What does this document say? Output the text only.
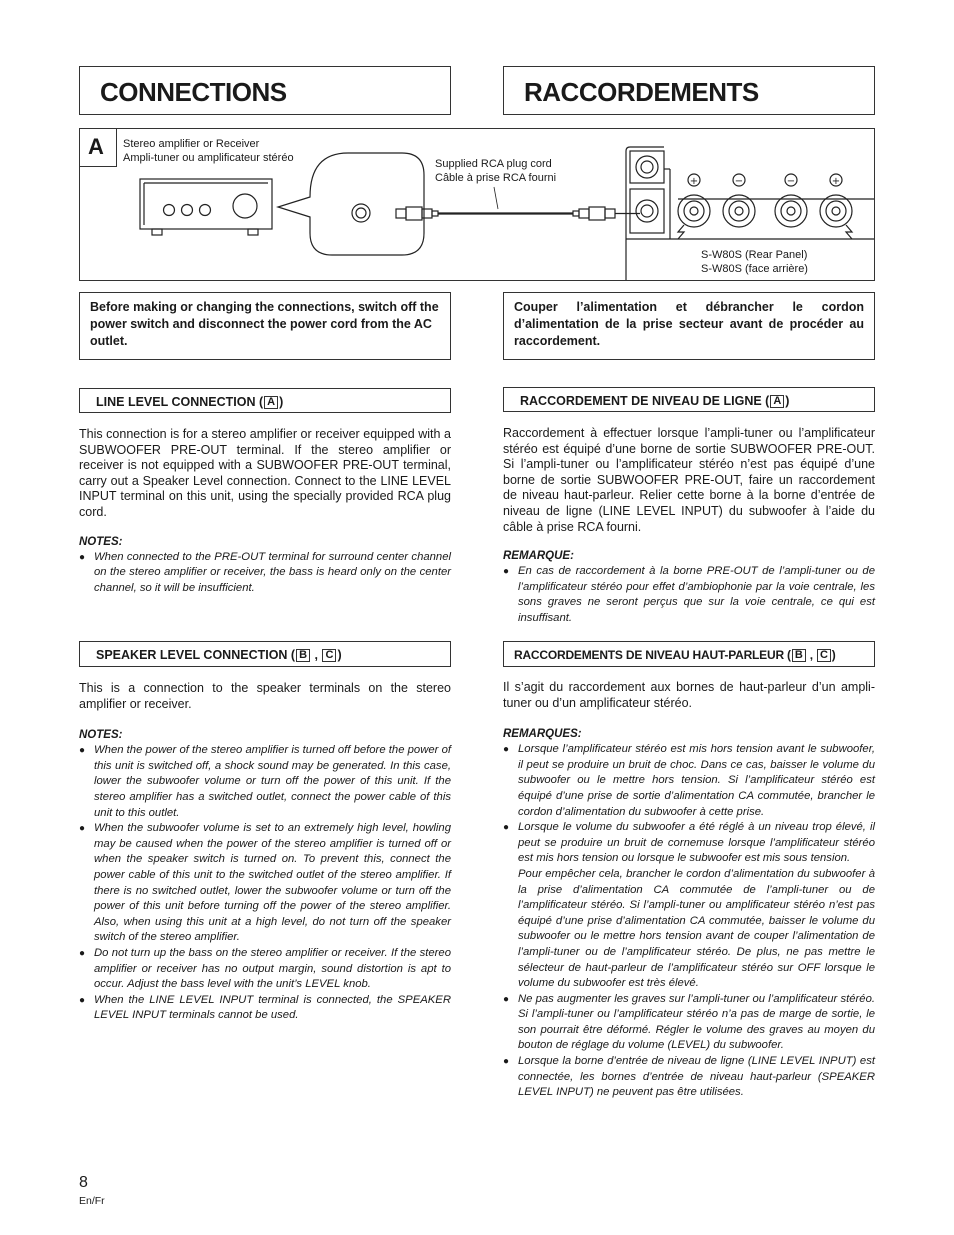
CONNECTIONS	RACCORDEMENTS
A Stereo amplifier or Receiver
Ampli-tuner ou amplificateur stéréo	Supplied RCA plug cord
Câble à prise RCA fourni
S-W80S (Rear Panel)
S-W80S (face arrière)
+	−	−	+
Before making or changing the connections, switch off the power switch and disconnect the power cord from the AC outlet.
Couper l’alimentation et débrancher le cordon d’alimentation de la prise secteur avant de procéder au raccordement.
LINE LEVEL CONNECTION ( A )	RACCORDEMENT DE NIVEAU DE LIGNE ( A )
This connection is for a stereo amplifier or receiver equipped with a SUBWOOFER PRE-OUT terminal. If the stereo amplifier or receiver is not equipped with a SUBWOOFER PRE-OUT terminal, carry out a Speaker Level connection. Connect to the LINE LEVEL INPUT terminal on this unit, using the specially provided RCA plug cord.
NOTES:
● When connected to the PRE-OUT terminal for surround center channel on the stereo amplifier or receiver, the bass is heard only on the center channel, so it will be insufficient.
Raccordement à effectuer lorsque l’ampli-tuner ou l’amplificateur stéréo est équipé d’une borne de sortie SUBWOOFER PRE-OUT. Si l’ampli-tuner ou l’amplificateur stéréo n’est pas équipé d’une borne de sortie SUBWOOFER PRE-OUT, faire un raccordement de niveau haut-parleur. Relier cette borne à la borne d’entrée de niveau de ligne (LINE LEVEL INPUT) du subwoofer à l’aide du câble à prise RCA fourni.
REMARQUE:
● En cas de raccordement à la borne PRE-OUT de l’ampli-tuner ou de l’amplificateur stéréo pour effet d’ambiophonie par la voie centrale, les sons graves ne seront perçus que sur la voie centrale, ce qui est insuffisant.
SPEAKER LEVEL CONNECTION ( B , C )	RACCORDEMENTS DE NIVEAU HAUT-PARLEUR ( B , C )
This is a connection to the speaker terminals on the stereo amplifier or receiver.
NOTES:
● When the power of the stereo amplifier is turned off before the power of this unit is switched off, a shock sound may be generated. In this case, lower the subwoofer volume or turn off the power of this unit. If the stereo amplifier has a switched outlet, connect the power cable of this unit to this outlet.
● When the subwoofer volume is set to an extremely high level, howling may be caused when the power of the stereo amplifier is turned off or when the speaker switch is turned on. To prevent this, connect the power cable of this unit to the switched outlet of the stereo amplifier. If there is no switched outlet, lower the subwoofer volume or turn off the power of this unit before turning off the power of the stereo amplifier. Also, when using this unit at a high level, do not turn off the speaker switch of the stereo amplifier.
● Do not turn up the bass on the stereo amplifier or receiver. If the stereo amplifier or receiver has no output margin, sound distortion is apt to occur. Adjust the bass level with the unit’s LEVEL knob.
● When the LINE LEVEL INPUT terminal is connected, the SPEAKER LEVEL INPUT terminals cannot be used.
Il s’agit du raccordement aux bornes de haut-parleur d’un ampli-tuner ou d’un amplificateur stéréo.
REMARQUES:
● Lorsque l’amplificateur stéréo est mis hors tension avant le subwoofer, il peut se produire un bruit de choc. Dans ce cas, baisser le volume du subwoofer ou le mettre hors tension. Si l’amplificateur stéréo est équipé d’une prise de sortie d’alimentation CA commutée, brancher le cordon d’alimentation du subwoofer à cette prise.
● Lorsque le volume du subwoofer a été réglé à un niveau trop élevé, il peut se produire un bruit de cornemuse lorsque l’amplificateur stéréo est mis hors tension ou lorsque le subwoofer est mis sous tension.
Pour empêcher cela, brancher le cordon d’alimentation du subwoofer à la prise d’alimentation CA commutée de l’ampli-tuner ou de l’amplificateur stéréo. Si l’ampli-tuner ou amplificateur stéréo n’est pas équipé d’une prise d’alimentation CA commutée, baisser le volume du subwoofer ou le mettre hors tension avant de couper l’alimentation de l’ampli-tuner ou de l’amplificateur stéréo. De plus, ne pas mettre le sélecteur de haut-parleur de l’amplificateur stéréo sur OFF lorsque le volume du subwoofer est très élevé.
● Ne pas augmenter les graves sur l’ampli-tuner ou l’amplificateur stéréo. Si l’ampli-tuner ou l’amplificateur stéréo n’a pas de marge de sortie, le son pourrait être déformé. Régler le volume des graves au moyen du bouton de réglage du volume (LEVEL) du subwoofer.
● Lorsque la borne d’entrée de niveau de ligne (LINE LEVEL INPUT) est connectée, les bornes d’entrée de niveau haut-parleur (SPEAKER LEVEL INPUT) ne peuvent pas être utilisées.
8
En/Fr
